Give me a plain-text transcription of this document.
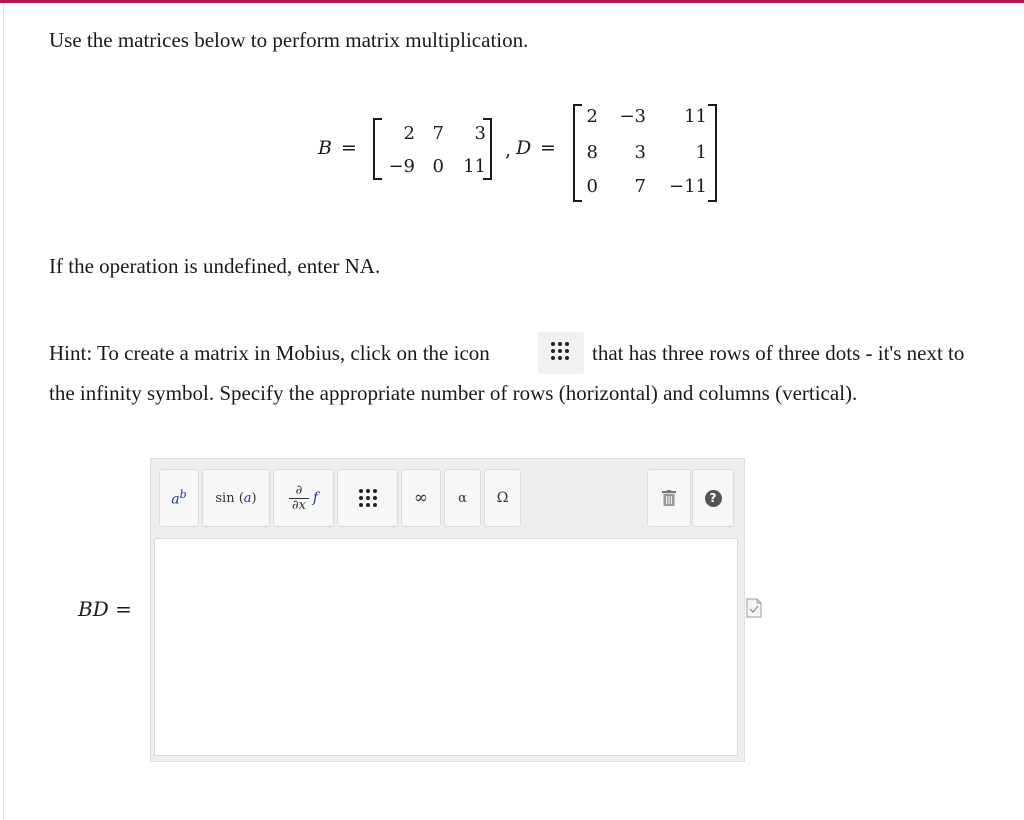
Use the matrices below to perform matrix multiplication.
B =
2 7	3
−9 0	11
, D =
2	−3	11
8	3	1
0	7	−11
If the operation is undefined, enter NA.
Hint: To create a matrix in Mobius, click on the icon	that has three rows of three dots - it's next to
the infinity symbol. Specify the appropriate number of rows (horizontal) and columns (vertical).
$a^b$ sin (a)
∂
∂x f	∞ α Ω	?
BD =
